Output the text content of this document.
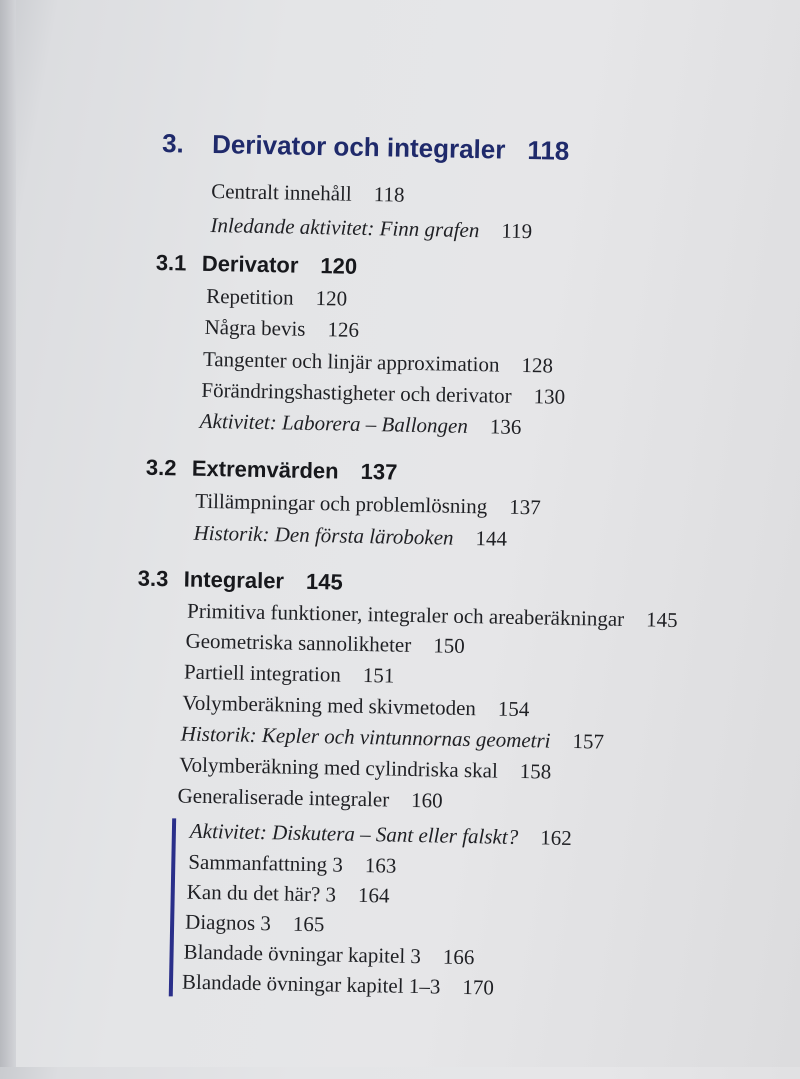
3. Derivator och integraler 118
Centralt innehåll 118
Inledande aktivitet: Finn grafen 119
3.1 Derivator 120
Repetition 120
Några bevis 126
Tangenter och linjär approximation 128
Förändringshastigheter och derivator 130
Aktivitet: Laborera – Ballongen 136
3.2 Extremvärden 137
Tillämpningar och problemlösning 137
Historik: Den första läroboken 144
3.3 Integraler 145
Primitiva funktioner, integraler och areaberäkningar 145
Geometriska sannolikheter 150
Partiell integration 151
Volymberäkning med skivmetoden 154
Historik: Kepler och vintunnornas geometri 157
Volymberäkning med cylindriska skal 158
Generaliserade integraler 160
Aktivitet: Diskutera – Sant eller falskt? 162
Sammanfattning 3 163
Kan du det här? 3 164
Diagnos 3 165
Blandade övningar kapitel 3 166
Blandade övningar kapitel 1–3 170
